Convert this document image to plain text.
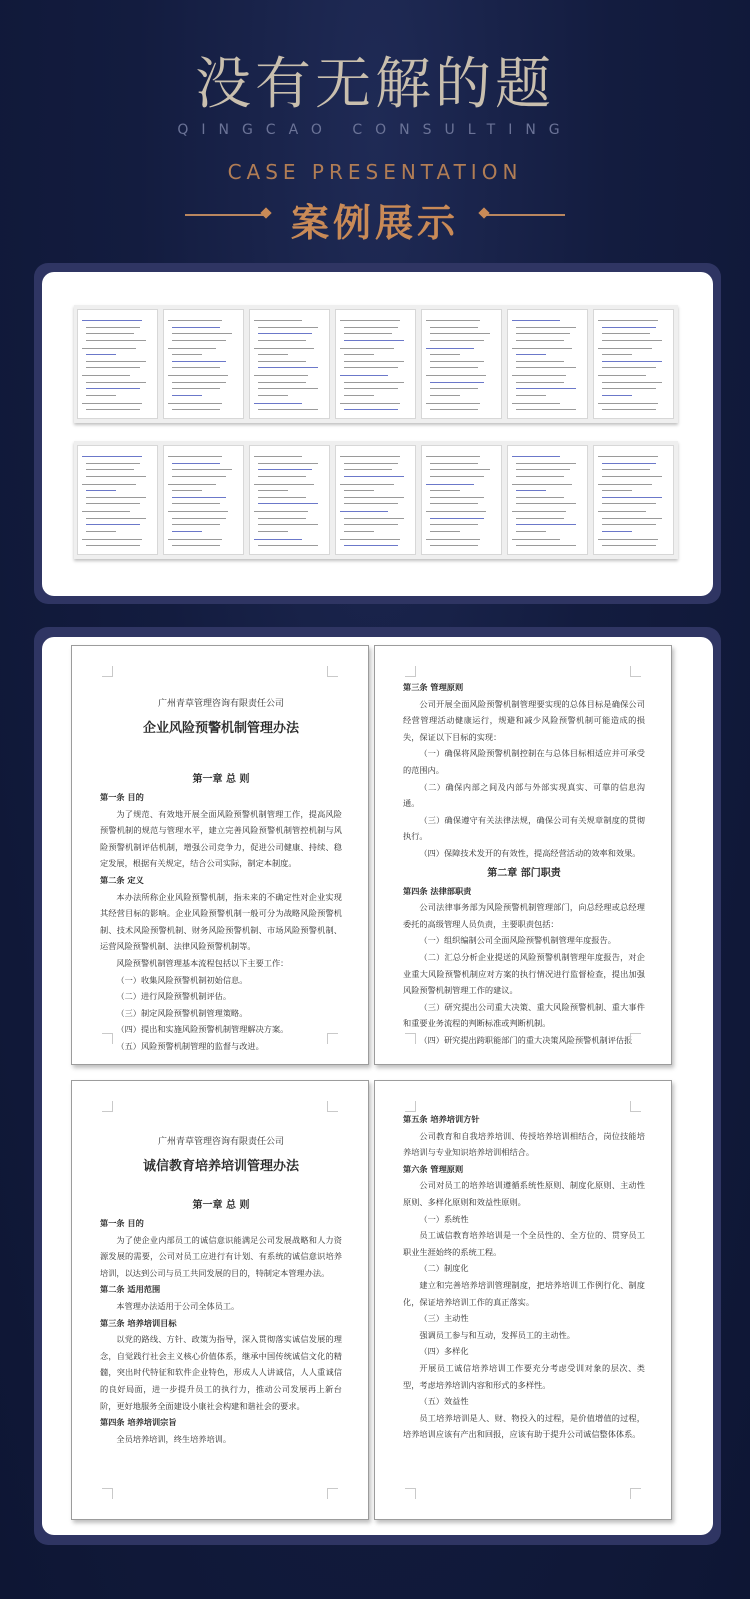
没有无解的题
QINGCAO CONSULTING
CASE PRESENTATION
案例展示
广州青草管理咨询有限责任公司
企业风险预警机制管理办法
第一章 总 则
第一条 目的
为了规范、有效地开展全面风险预警机制管理工作，提高风险预警机制的规范与管理水平，建立完善风险预警机制管控机制与风险预警机制评估机制，增强公司竞争力，促进公司健康、持续、稳定发展，根据有关规定，结合公司实际，制定本制度。
第二条 定义
本办法所称企业风险预警机制，指未来的不确定性对企业实现其经营目标的影响。企业风险预警机制一般可分为战略风险预警机制、技术风险预警机制、财务风险预警机制、市场风险预警机制、运营风险预警机制、法律风险预警机制等。
风险预警机制管理基本流程包括以下主要工作：
（一）收集风险预警机制初始信息。
（二）进行风险预警机制评估。
（三）制定风险预警机制管理策略。
（四）提出和实施风险预警机制管理解决方案。
（五）风险预警机制管理的监督与改进。
第三条 管理原则
公司开展全面风险预警机制管理要实现的总体目标是确保公司经营管理活动健康运行，规避和减少风险预警机制可能造成的损失，保证以下目标的实现：
（一）确保将风险预警机制控制在与总体目标相适应并可承受的范围内。
（二）确保内部之间及内部与外部实现真实、可靠的信息沟通。
（三）确保遵守有关法律法规，确保公司有关规章制度的贯彻执行。
（四）保障技术发开的有效性，提高经营活动的效率和效果。
第二章 部门职责
第四条 法律部职责
公司法律事务部为风险预警机制管理部门，向总经理或总经理委托的高级管理人员负责，主要职责包括：
（一）组织编制公司全面风险预警机制管理年度报告。
（二）汇总分析企业提送的风险预警机制管理年度报告，对企业重大风险预警机制应对方案的执行情况进行监督检查，提出加强风险预警机制管理工作的建议。
（三）研究提出公司重大决策、重大风险预警机制、重大事件和重要业务流程的判断标准或判断机制。
（四）研究提出跨职能部门的重大决策风险预警机制评估报
广州青草管理咨询有限责任公司
诚信教育培养培训管理办法
第一章 总 则
第一条 目的
为了使企业内部员工的诚信意识能满足公司发展战略和人力资源发展的需要，公司对员工应进行有计划、有系统的诚信意识培养培训，以达到公司与员工共同发展的目的，特制定本管理办法。
第二条 适用范围
本管理办法适用于公司全体员工。
第三条 培养培训目标
以党的路线、方针、政策为指导，深入贯彻落实诚信发展的理念，自觉践行社会主义核心价值体系，继承中国传统诚信文化的精髓，突出时代特征和软件企业特色，形成人人讲诚信，人人重诚信的良好局面，进一步提升员工的执行力，推动公司发展再上新台阶，更好地服务全面建设小康社会构建和谐社会的要求。
第四条 培养培训宗旨
全员培养培训，终生培养培训。
第五条 培养培训方针
公司教育和自我培养培训、传授培养培训相结合，岗位技能培养培训与专业知识培养培训相结合。
第六条 管理原则
公司对员工的培养培训遵循系统性原则、制度化原则、主动性原则、多样化原则和效益性原则。
（一）系统性
员工诚信教育培养培训是一个全员性的、全方位的、贯穿员工职业生涯始终的系统工程。
（二）制度化
建立和完善培养培训管理制度，把培养培训工作例行化、制度化，保证培养培训工作的真正落实。
（三）主动性
强调员工参与和互动，发挥员工的主动性。
（四）多样化
开展员工诚信培养培训工作要充分考虑受训对象的层次、类型，考虑培养培训内容和形式的多样性。
（五）效益性
员工培养培训是人、财、物投入的过程，是价值增值的过程，培养培训应该有产出和回报，应该有助于提升公司诚信整体体系。
